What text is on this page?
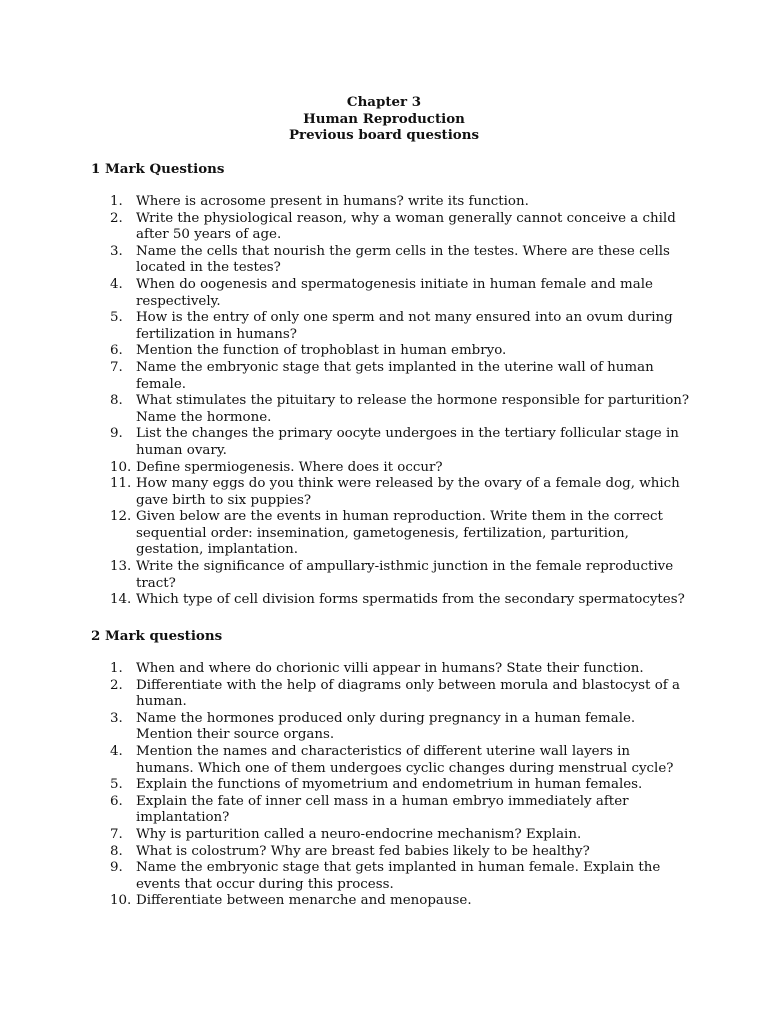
Chapter 3
Human Reproduction
Previous board questions
1 Mark Questions
1. Where is acrosome present in humans? write its function.
2. Write the physiological reason, why a woman generally cannot conceive a child after 50 years of age.
3. Name the cells that nourish the germ cells in the testes. Where are these cells located in the testes?
4. When do oogenesis and spermatogenesis initiate in human female and male respectively.
5. How is the entry of only one sperm and not many ensured into an ovum during fertilization in humans?
6. Mention the function of trophoblast in human embryo.
7. Name the embryonic stage that gets implanted in the uterine wall of human female.
8. What stimulates the pituitary to release the hormone responsible for parturition? Name the hormone.
9. List the changes the primary oocyte undergoes in the tertiary follicular stage in human ovary.
10. Define spermiogenesis. Where does it occur?
11. How many eggs do you think were released by the ovary of a female dog, which gave birth to six puppies?
12. Given below are the events in human reproduction. Write them in the correct sequential order: insemination, gametogenesis, fertilization, parturition, gestation, implantation.
13. Write the significance of ampullary-isthmic junction in the female reproductive tract?
14. Which type of cell division forms spermatids from the secondary spermatocytes?
2 Mark questions
1. When and where do chorionic villi appear in humans? State their function.
2. Differentiate with the help of diagrams only between morula and blastocyst of a human.
3. Name the hormones produced only during pregnancy in a human female. Mention their source organs.
4. Mention the names and characteristics of different uterine wall layers in humans. Which one of them undergoes cyclic changes during menstrual cycle?
5. Explain the functions of myometrium and endometrium in human females.
6. Explain the fate of inner cell mass in a human embryo immediately after implantation?
7. Why is parturition called a neuro-endocrine mechanism? Explain.
8. What is colostrum? Why are breast fed babies likely to be healthy?
9. Name the embryonic stage that gets implanted in human female. Explain the events that occur during this process.
10. Differentiate between menarche and menopause.
